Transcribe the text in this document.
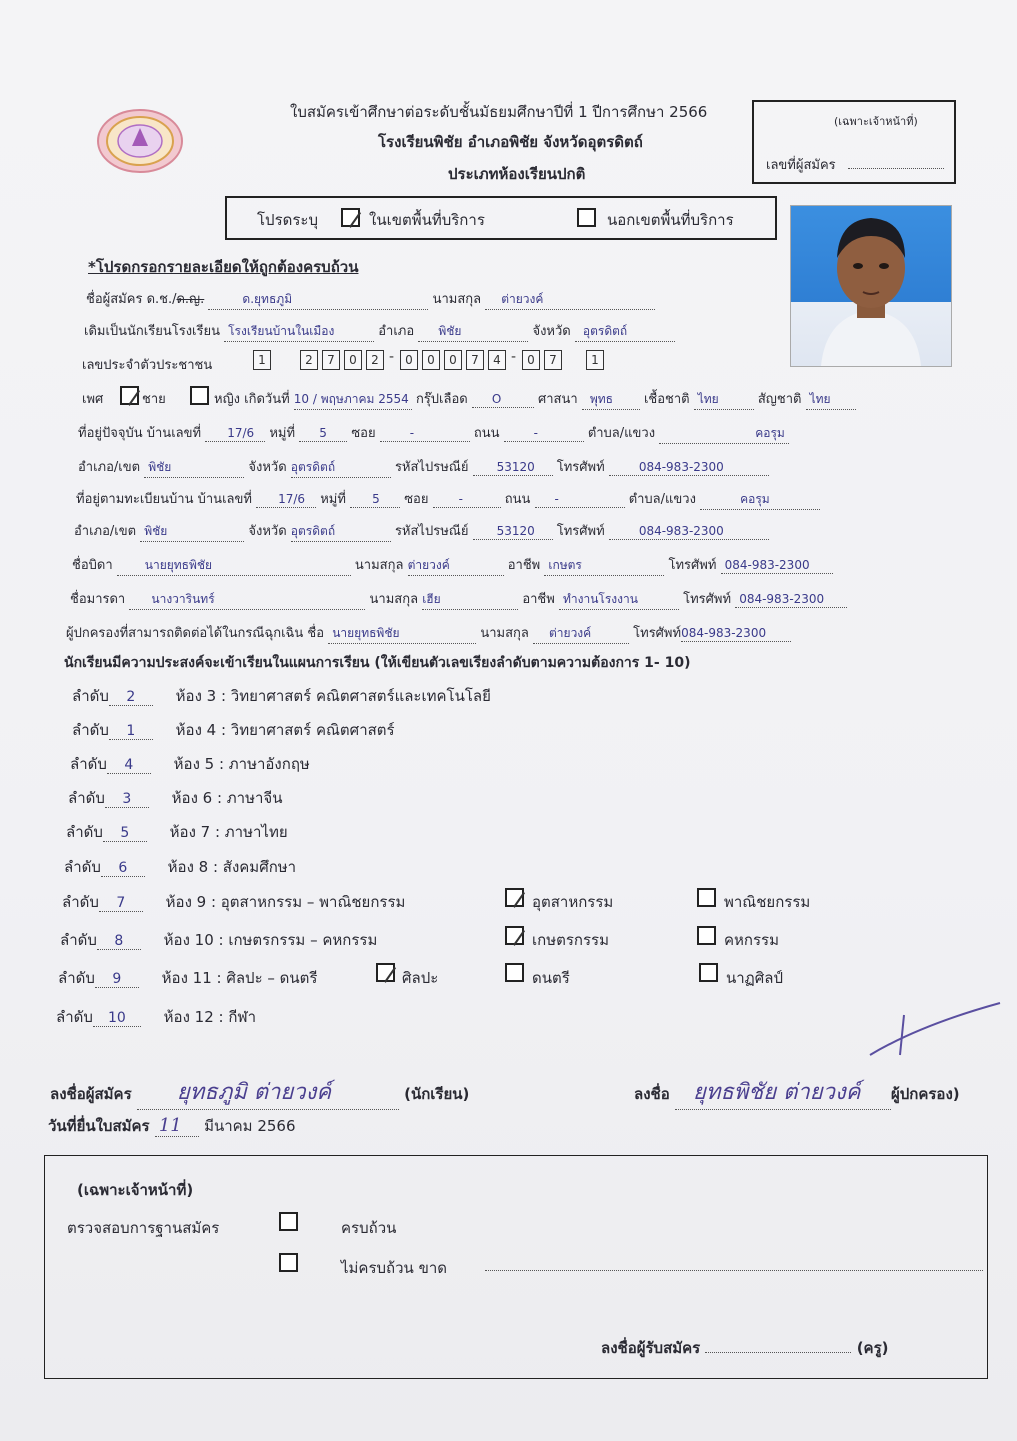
ใบสมัครเข้าศึกษาต่อระดับชั้นมัธยมศึกษาปีที่ 1 ปีการศึกษา 2566
โรงเรียนพิชัย อำเภอพิชัย จังหวัดอุตรดิตถ์
ประเภทห้องเรียนปกติ
(เฉพาะเจ้าหน้าที่)
เลขที่ผู้สมัคร
โปรดระบุ	ในเขตพื้นที่บริการ	นอกเขตพื้นที่บริการ
*โปรดกรอกรายละเอียดให้ถูกต้องครบถ้วน
ชื่อผู้สมัคร ด.ช./ด.ญ.	ด.ยุทธภูมิ	นามสกุล ต่ายวงค์
เดิมเป็นนักเรียนโรงเรียน โรงเรียนบ้านในเมือง	อำเภอ พิชัย	จังหวัด อุตรดิตถ์
เลขประจำตัวประชาชน	1	2	7	0	2 - 0	0	0	7	4 - 0	7	1
เพศ	ชาย	หญิง เกิดวันที่ 10 / พฤษภาคม 2554 กรุ๊ปเลือด O	ศาสนา พุทธ เชื้อชาติ ไทย	สัญชาติ ไทย
ที่อยู่ปัจจุบัน บ้านเลขที่ 17/6 หมู่ที่ 5 ซอย	-	ถนน	-	ตำบล/แขวง	คอรุม
อำเภอ/เขต พิชัย	จังหวัด อุตรดิตถ์	รหัสไปรษณีย์ 53120 โทรศัพท์	084-983-2300
ที่อยู่ตามทะเบียนบ้าน บ้านเลขที่ 17/6 หมู่ที่ 5 ซอย	-	ถนน -	ตำบล/แขวง	คอรุม
อำเภอ/เขต พิชัย	จังหวัด อุตรดิตถ์	รหัสไปรษณีย์ 53120 โทรศัพท์	084-983-2300
ชื่อบิดา	นายยุทธพิชัย	นามสกุล ต่ายวงค์	อาชีพ เกษตร	โทรศัพท์ 084-983-2300
ชื่อมารดา นางวารินทร์	นามสกุล เฮีย	อาชีพ ทำงานโรงงาน	โทรศัพท์ 084-983-2300
ผู้ปกครองที่สามารถติดต่อได้ในกรณีฉุกเฉิน ชื่อ นายยุทธพิชัย	นามสกุล ต่ายวงค์	โทรศัพท์084-983-2300
นักเรียนมีความประสงค์จะเข้าเรียนในแผนการเรียน (ให้เขียนตัวเลขเรียงลำดับตามความต้องการ 1- 10)
ลำดับ 2	ห้อง 3 : วิทยาศาสตร์ คณิตศาสตร์และเทคโนโลยี
ลำดับ 1	ห้อง 4 : วิทยาศาสตร์ คณิตศาสตร์
ลำดับ 4	ห้อง 5 : ภาษาอังกฤษ
ลำดับ 3	ห้อง 6 : ภาษาจีน
ลำดับ 5	ห้อง 7 : ภาษาไทย
ลำดับ 6	ห้อง 8 : สังคมศึกษา
ลำดับ 7	ห้อง 9 : อุตสาหกรรม – พาณิชยกรรม
ลำดับ 8	ห้อง 10 : เกษตรกรรม – คหกรรม
ลำดับ 9	ห้อง 11 : ศิลปะ – ดนตรี
ลำดับ 10	ห้อง 12 : กีฬา
อุตสาหกรรม	พาณิชยกรรม
เกษตรกรรม	คหกรรม
ศิลปะ	ดนตรี	นาฏศิลป์
ลงชื่อผู้สมัคร ยุทธภูมิ ต่ายวงค์	(นักเรียน)	ลงชื่อ ยุทธพิชัย ต่ายวงค์ ผู้ปกครอง)
วันที่ยื่นใบสมัคร 11 มีนาคม 2566
(เฉพาะเจ้าหน้าที่)
ตรวจสอบการฐานสมัคร	ครบถ้วน
ไม่ครบถ้วน ขาด
ลงชื่อผู้รับสมัคร	(ครู)
